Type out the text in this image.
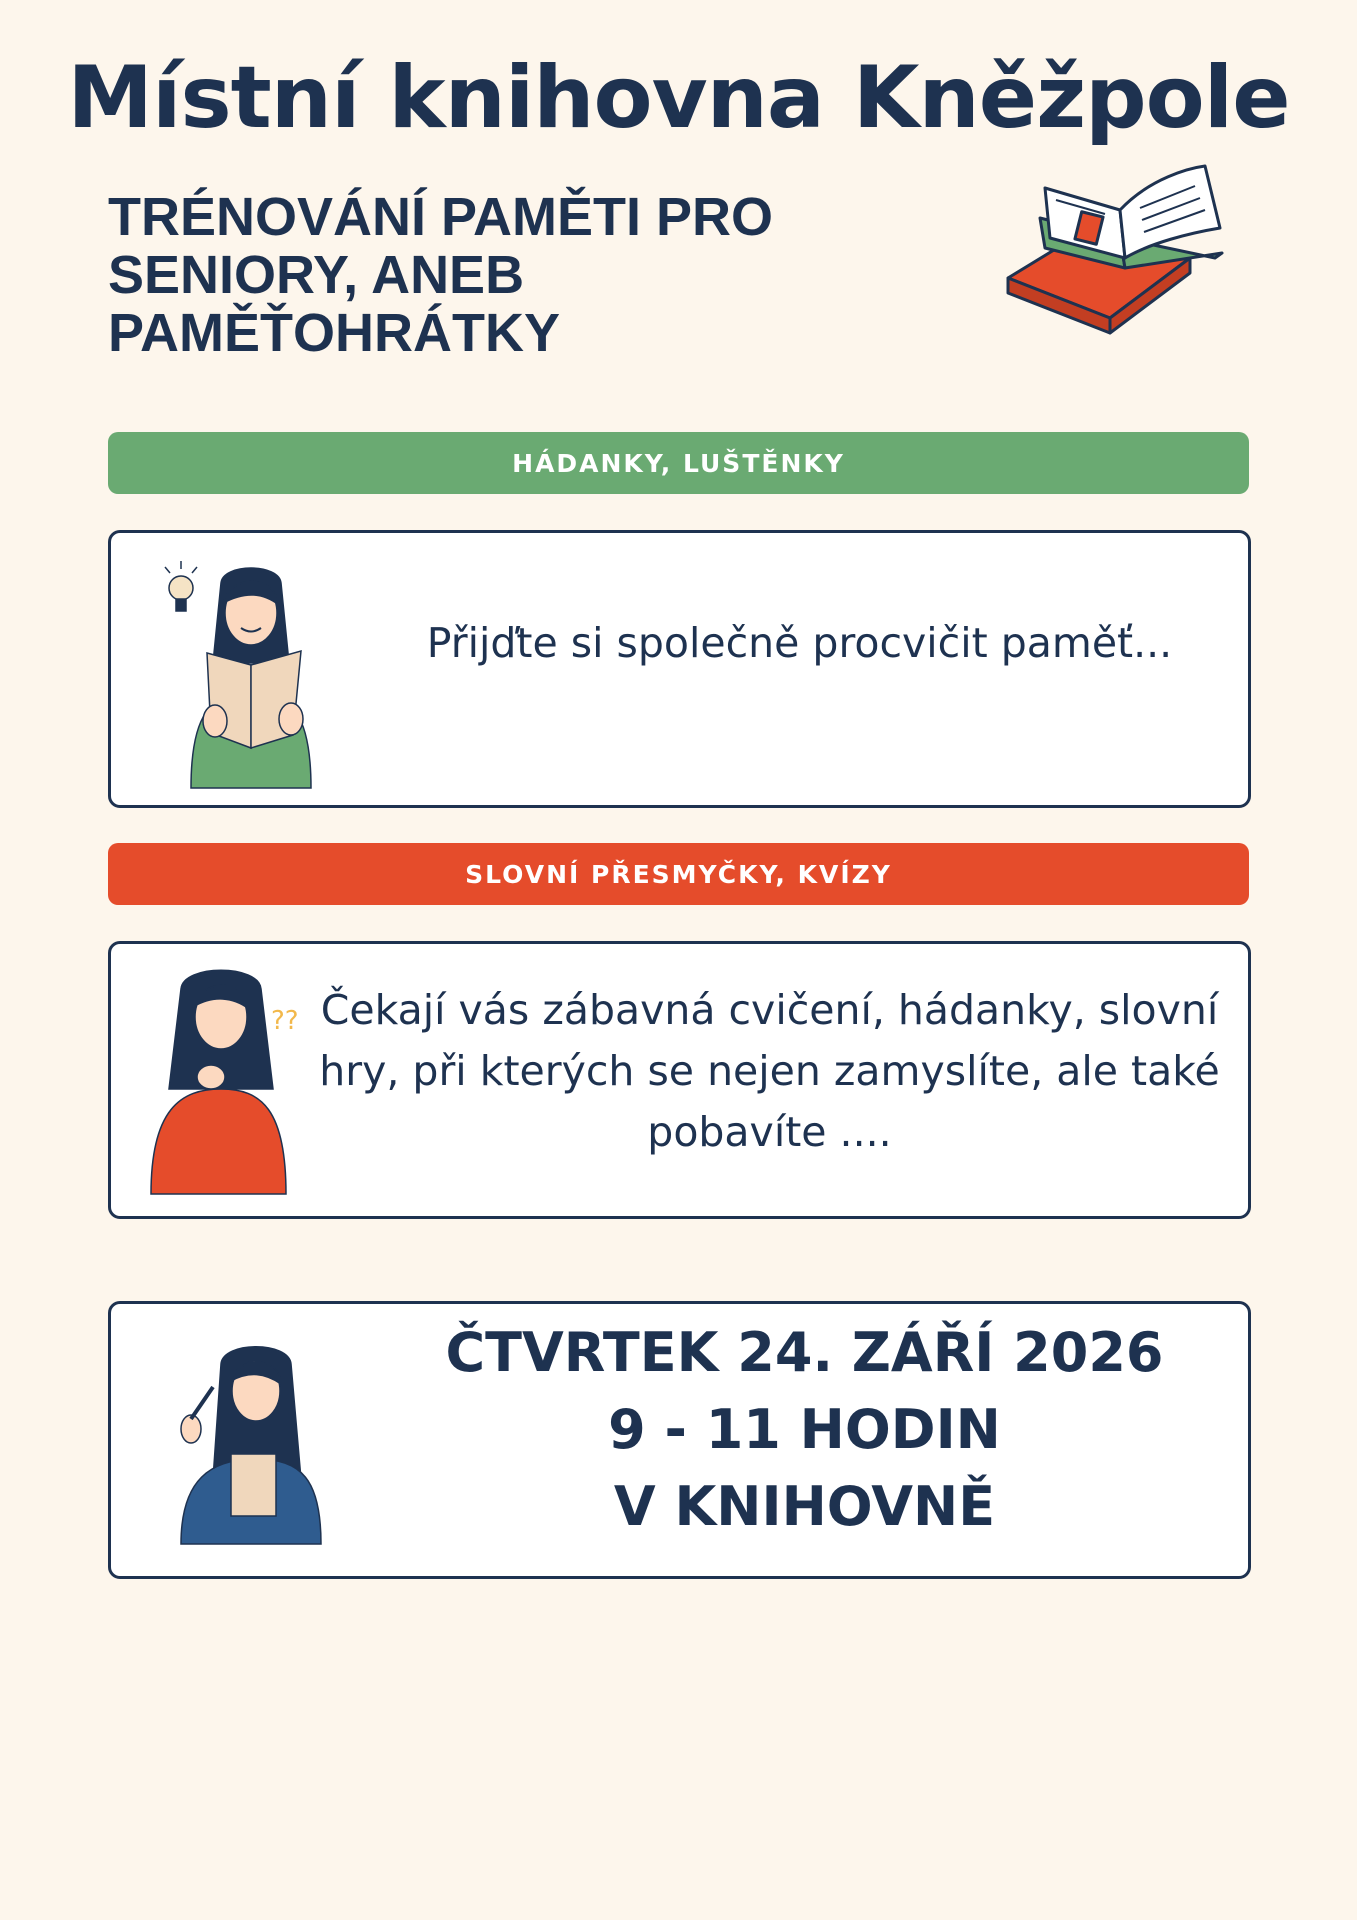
Místní knihovna Kněžpole
TRÉNOVÁNÍ PAMĚTI PRO
SENIORY, ANEB
PAMĚŤOHRÁTKY
HÁDANKY, LUŠTĚNKY
Přijďte si společně procvičit paměť...
SLOVNÍ PŘESMYČKY, KVÍZY
?? Čekají vás zábavná cvičení, hádanky, slovní hry, při kterých se nejen zamyslíte, ale také pobavíte ....
ČTVRTEK 24. ZÁŘÍ 2026
9 - 11 HODIN
V KNIHOVNĚ
